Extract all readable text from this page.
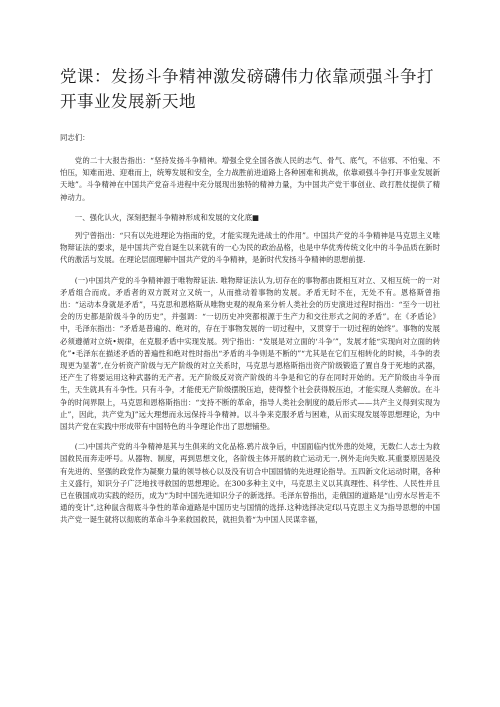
党课：发扬斗争精神激发磅礴伟力依靠顽强斗争打开事业发展新天地

同志们：

党的二十大报告指出：“坚持发扬斗争精神。增强全党全国各族人民的志气、骨气、底气，不信邪、不怕鬼、不怕压，知难而进、迎难而上，统筹发展和安全，全力战胜前进道路上各种困难和挑战，依靠顽强斗争打开事业发展新天地”。斗争精神在中国共产党奋斗进程中充分展现出独特的精神力量，为中国共产党干事创业、政打胜仗提供了精神动力。

一、强化认火，深刻把握斗争精神形成和发展的文化底■

列宁曾指出：“只有以先进理论为指南的党，才能实现先进战士的作用”。中国共产党的斗争精神是马克思主义唯物辩证法的要求，是中国共产党自诞生以来就有的一心为民的政治品格，也是中华优秀传统文化中的斗争品质在新时代的激活与发展。在理论层面理解中国共产党的斗争精神，是新时代发扬斗争精神的思想前提.

(一)中国共产党的斗争精神源于唯物辩证法. 唯物辩证法认为,切存在的事物都由既相互对立、又相互统一的一对矛盾组合而成。矛盾者的双方既对立又统一，从而推动着事物的发展。矛盾无时不在，无处不有。恩格斯曾指出：“运动本身就是矛盾”，马克思和恩格斯从唯物史观的视角来分析人类社会的历史演进过程时指出：“至今一切社会的历史都是阶级斗争的历史”，并强调：“一切历史冲突都根源于生产力和交往形式之间的矛盾”。在《矛盾论》中，毛泽东指出：“矛盾是普遍的、绝对的，存在于事物发展的一切过程中，又贯穿于一切过程的始终”。事物的发展必须遵循对立统•规律，在克服矛盾中实现发展。列宁指出：“发展是对立面的‘斗争’”，发展才能“实现向对立面的转化”•毛泽东在描述矛盾的普遍性和绝对性时指出“矛盾的斗争则是不断的”“尤其是在它们互相转化的时候，斗争的表现更为显著”,在分析资产阶级与无产阶级的对立关系时，马克思与恩格斯指出资产阶级锻造了置自身于死地的武器，还产生了将要运用这种武器的无产者。无产阶级反对资产阶级的斗争是和它的存在同时开始的。无产阶级由斗争而生，天生就具有斗争性。只有斗争，才能使无产阶级摆脱压迫，使得整个社会获得脱压迫，才能实现人类解放。在斗争的时间界限上，马克思和恩格斯指出：“支持不断的革命，指导人类社会制度的最后形式——共产主义得到实现为止”，因此，共产党为J”远大理想而永远保持斗争精神。以斗争来克服矛盾与困难，从而实现发展等思想理论，为中国共产党在实践中形成带有中国特色的斗争理论作出了思想铺垫。

(二)中国共产党的斗争精神是其与生俱来的文化品格.鸦片战争后，中国面临内忧外患的处境，无数仁人志士为救国救民而奔走呼号。从器物、制度，再到思想文化，各阶级主体开展的救亡运动无一,例外走向失败.其重要原因是没有先进的、坚强的政党作为凝聚力量的领导核心以及没有切合中国国情的先进理论指导。五四新文化运动时期，各种主义盛行，知识分子广泛地找寻救国的思想理论。在300多种主义中，马克思主义以其真理性、科学性、人民性并且已在俄国成功实践的经历，成为“为时中国先进知识分子的新选择。毛泽东曾指出，走俄国的道路是“山穷水尽皆走不通的变计”,这种鼠含彻底斗争性的革命道路是中国历史与国情的选择.这种选择决定f以马克思主义为指导思想的中国共产党一诞生就将以彻底的革命斗争来救国救民，就担负着“为中国人民谋幸福，
